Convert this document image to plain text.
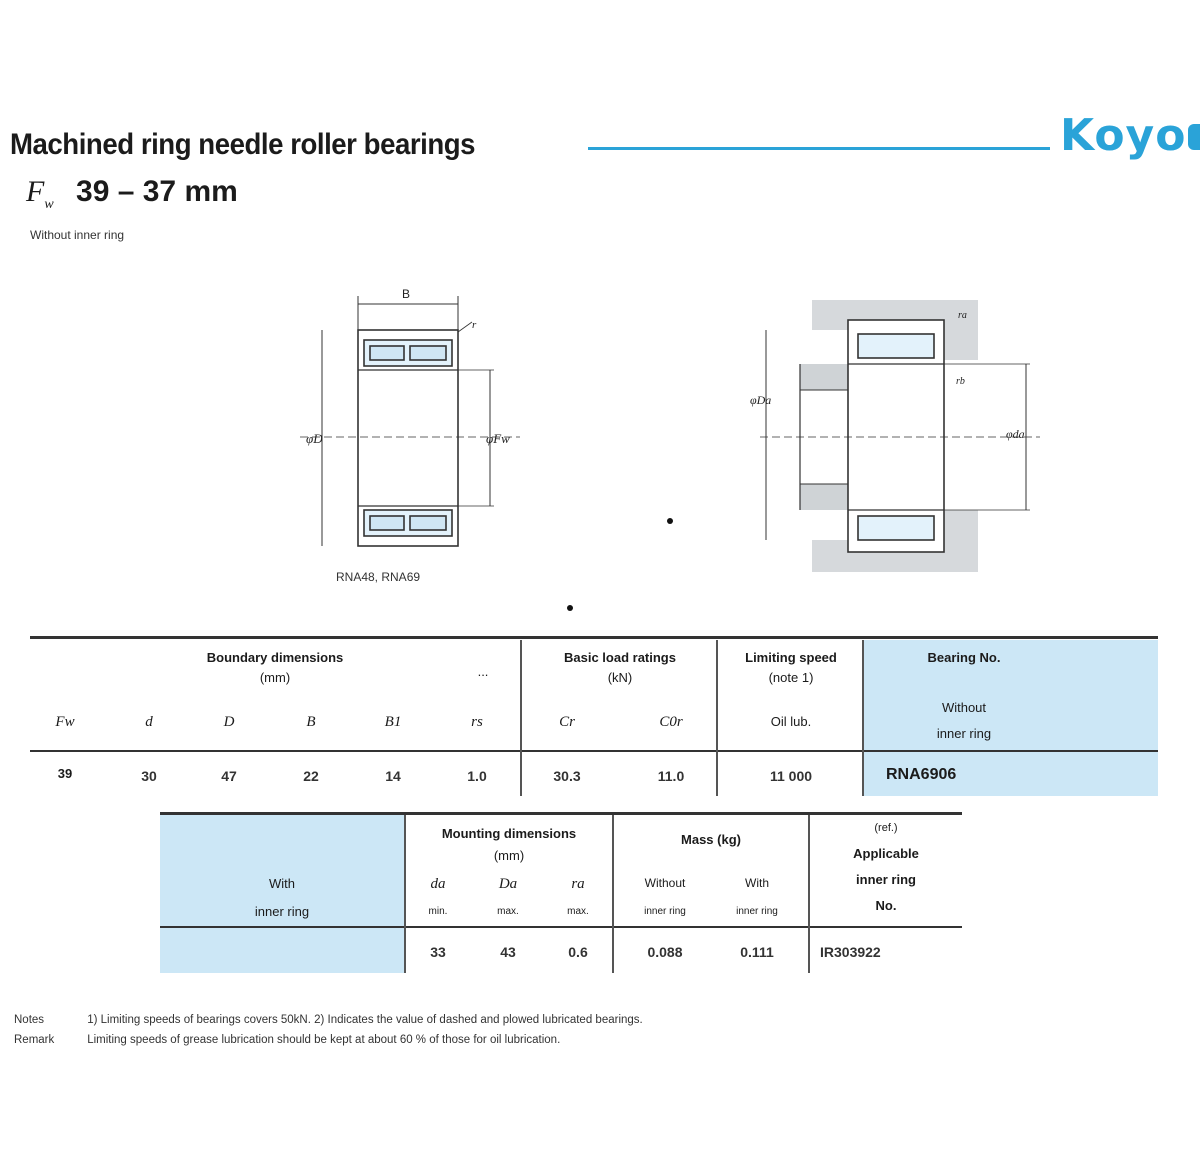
Machined ring needle roller bearings	Koyo
$F_w$ 39 – 37 mm
Without inner ring
B
r
φD	φFw
ra
φDa
φda
rb
RNA48, RNA69
Boundary dimensions
(mm)	...
Basic load ratings
(kN)
Limiting speed
(note 1)
Bearing No.
Without
inner ring
Fw	d	D	B	B1	rs	Cr	C0r	Oil lub.
39	30	47	22	14	1.0	30.3	11.0	11 000	RNA6906
With
inner ring
Mounting dimensions
(mm)
da	Da	ra
min.	max.	max.
Mass (kg)
Without	With
inner ring	inner ring
(ref.)
Applicable
inner ring
No.
33	43	0.6	0.088	0.111	IR303922
Notes	1) Limiting speeds of bearings covers 50kN. 2) Indicates the value of dashed and plowed lubricated bearings.
Remark	Limiting speeds of grease lubrication should be kept at about 60 % of those for oil lubrication.
